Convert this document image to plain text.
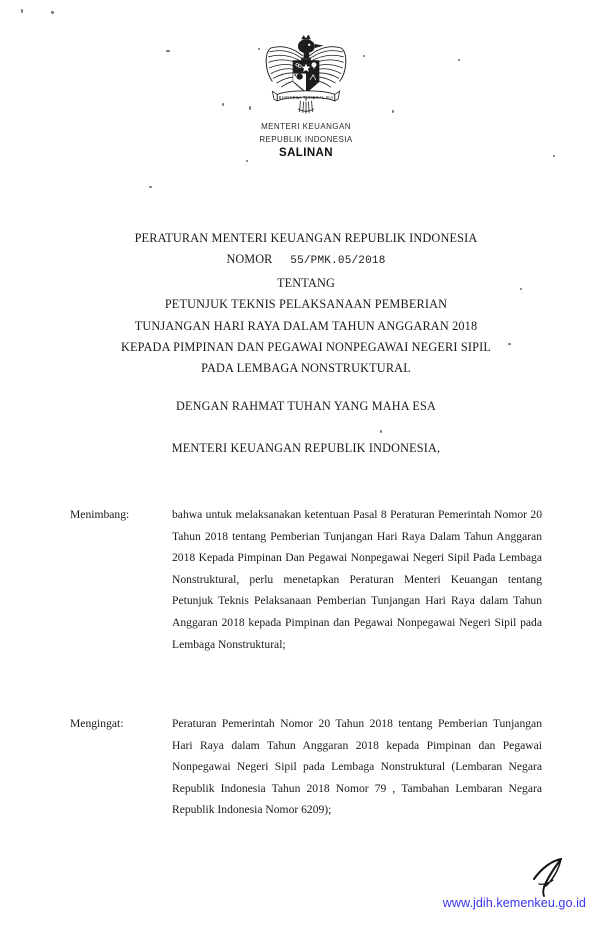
BHINNEKA TUNGGAL IKA
MENTERI KEUANGAN
REPUBLIK INDONESIA
SALINAN
PERATURAN MENTERI KEUANGAN REPUBLIK INDONESIA
NOMOR 55/PMK.05/2018
TENTANG
PETUNJUK TEKNIS PELAKSANAAN PEMBERIAN
TUNJANGAN HARI RAYA DALAM TAHUN ANGGARAN 2018
KEPADA PIMPINAN DAN PEGAWAI NONPEGAWAI NEGERI SIPIL
PADA LEMBAGA NONSTRUKTURAL
DENGAN RAHMAT TUHAN YANG MAHA ESA
MENTERI KEUANGAN REPUBLIK INDONESIA,
Menimbang:	bahwa untuk melaksanakan ketentuan Pasal 8 Peraturan Pemerintah Nomor 20 Tahun 2018 tentang Pemberian Tunjangan Hari Raya Dalam Tahun Anggaran 2018 Kepada Pimpinan Dan Pegawai Nonpegawai Negeri Sipil Pada Lembaga Nonstruktural, perlu menetapkan Peraturan Menteri Keuangan tentang Petunjuk Teknis Pelaksanaan Pemberian Tunjangan Hari Raya dalam Tahun Anggaran 2018 kepada Pimpinan dan Pegawai Nonpegawai Negeri Sipil pada Lembaga Nonstruktural;
Mengingat:	Peraturan Pemerintah Nomor 20 Tahun 2018 tentang Pemberian Tunjangan Hari Raya dalam Tahun Anggaran 2018 kepada Pimpinan dan Pegawai Nonpegawai Negeri Sipil pada Lembaga Nonstruktural (Lembaran Negara Republik Indonesia Tahun 2018 Nomor 79 , Tambahan Lembaran Negara Republik Indonesia Nomor 6209);
www.jdih.kemenkeu.go.id
